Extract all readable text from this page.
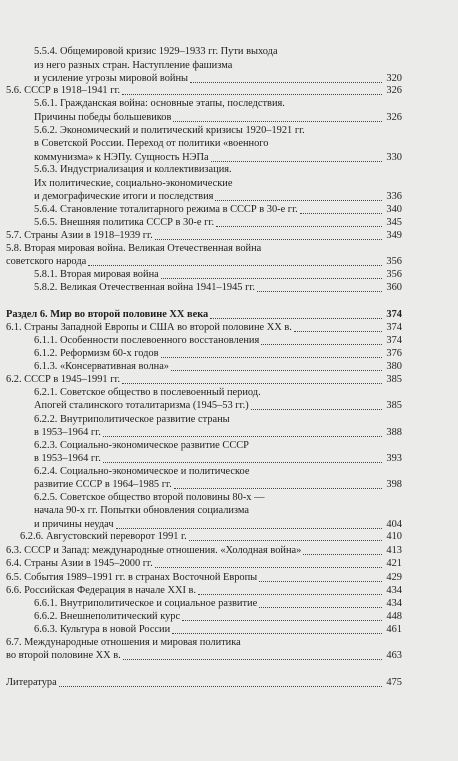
5.5.4. Общемировой кризис 1929–1933 гг. Пути выхода
из него разных стран. Наступление фашизма
и усиление угрозы мировой войны	320
5.6. СССР в 1918–1941 гг.	326
5.6.1. Гражданская война: основные этапы, последствия.
Причины победы большевиков	326
5.6.2. Экономический и политический кризисы 1920–1921 гг.
в Советской России. Переход от политики «военного
коммунизма» к НЭПу. Сущность НЭПа	330
5.6.3. Индустриализация и коллективизация.
Их политические, социально-экономические
и демографические итоги и последствия	336
5.6.4. Становление тоталитарного режима в СССР в 30-е гг.	340
5.6.5. Внешняя политика СССР в 30-е гг.	345
5.7. Страны Азии в 1918–1939 гг.	349
5.8. Вторая мировая война. Великая Отечественная война
советского народа	356
5.8.1. Вторая мировая война	356
5.8.2. Великая Отечественная война 1941–1945 гг.	360
Раздел 6. Мир во второй половине XX века	374
6.1. Страны Западной Европы и США во второй половине XX в.	374
6.1.1. Особенности послевоенного восстановления	374
6.1.2. Реформизм 60-х годов	376
6.1.3. «Консервативная волна»	380
6.2. СССР в 1945–1991 гг.	385
6.2.1. Советское общество в послевоенный период.
Апогей сталинского тоталитаризма (1945–53 гг.)	385
6.2.2. Внутриполитическое развитие страны
в 1953–1964 гг.	388
6.2.3. Социально-экономическое развитие СССР
в 1953–1964 гг.	393
6.2.4. Социально-экономическое и политическое
развитие СССР в 1964–1985 гг.	398
6.2.5. Советское общество второй половины 80-х —
начала 90-х гг. Попытки обновления социализма
и причины неудач	404
6.2.6. Августовский переворот 1991 г.	410
6.3. СССР и Запад: международные отношения. «Холодная война»	413
6.4. Страны Азии в 1945–2000 гг.	421
6.5. События 1989–1991 гг. в странах Восточной Европы	429
6.6. Российская Федерация в начале XXI в.	434
6.6.1. Внутриполитическое и социальное развитие	434
6.6.2. Внешнеполитический курс	448
6.6.3. Культура в новой России	461
6.7. Международные отношения и мировая политика
во второй половине XX в.	463
Литература	475
